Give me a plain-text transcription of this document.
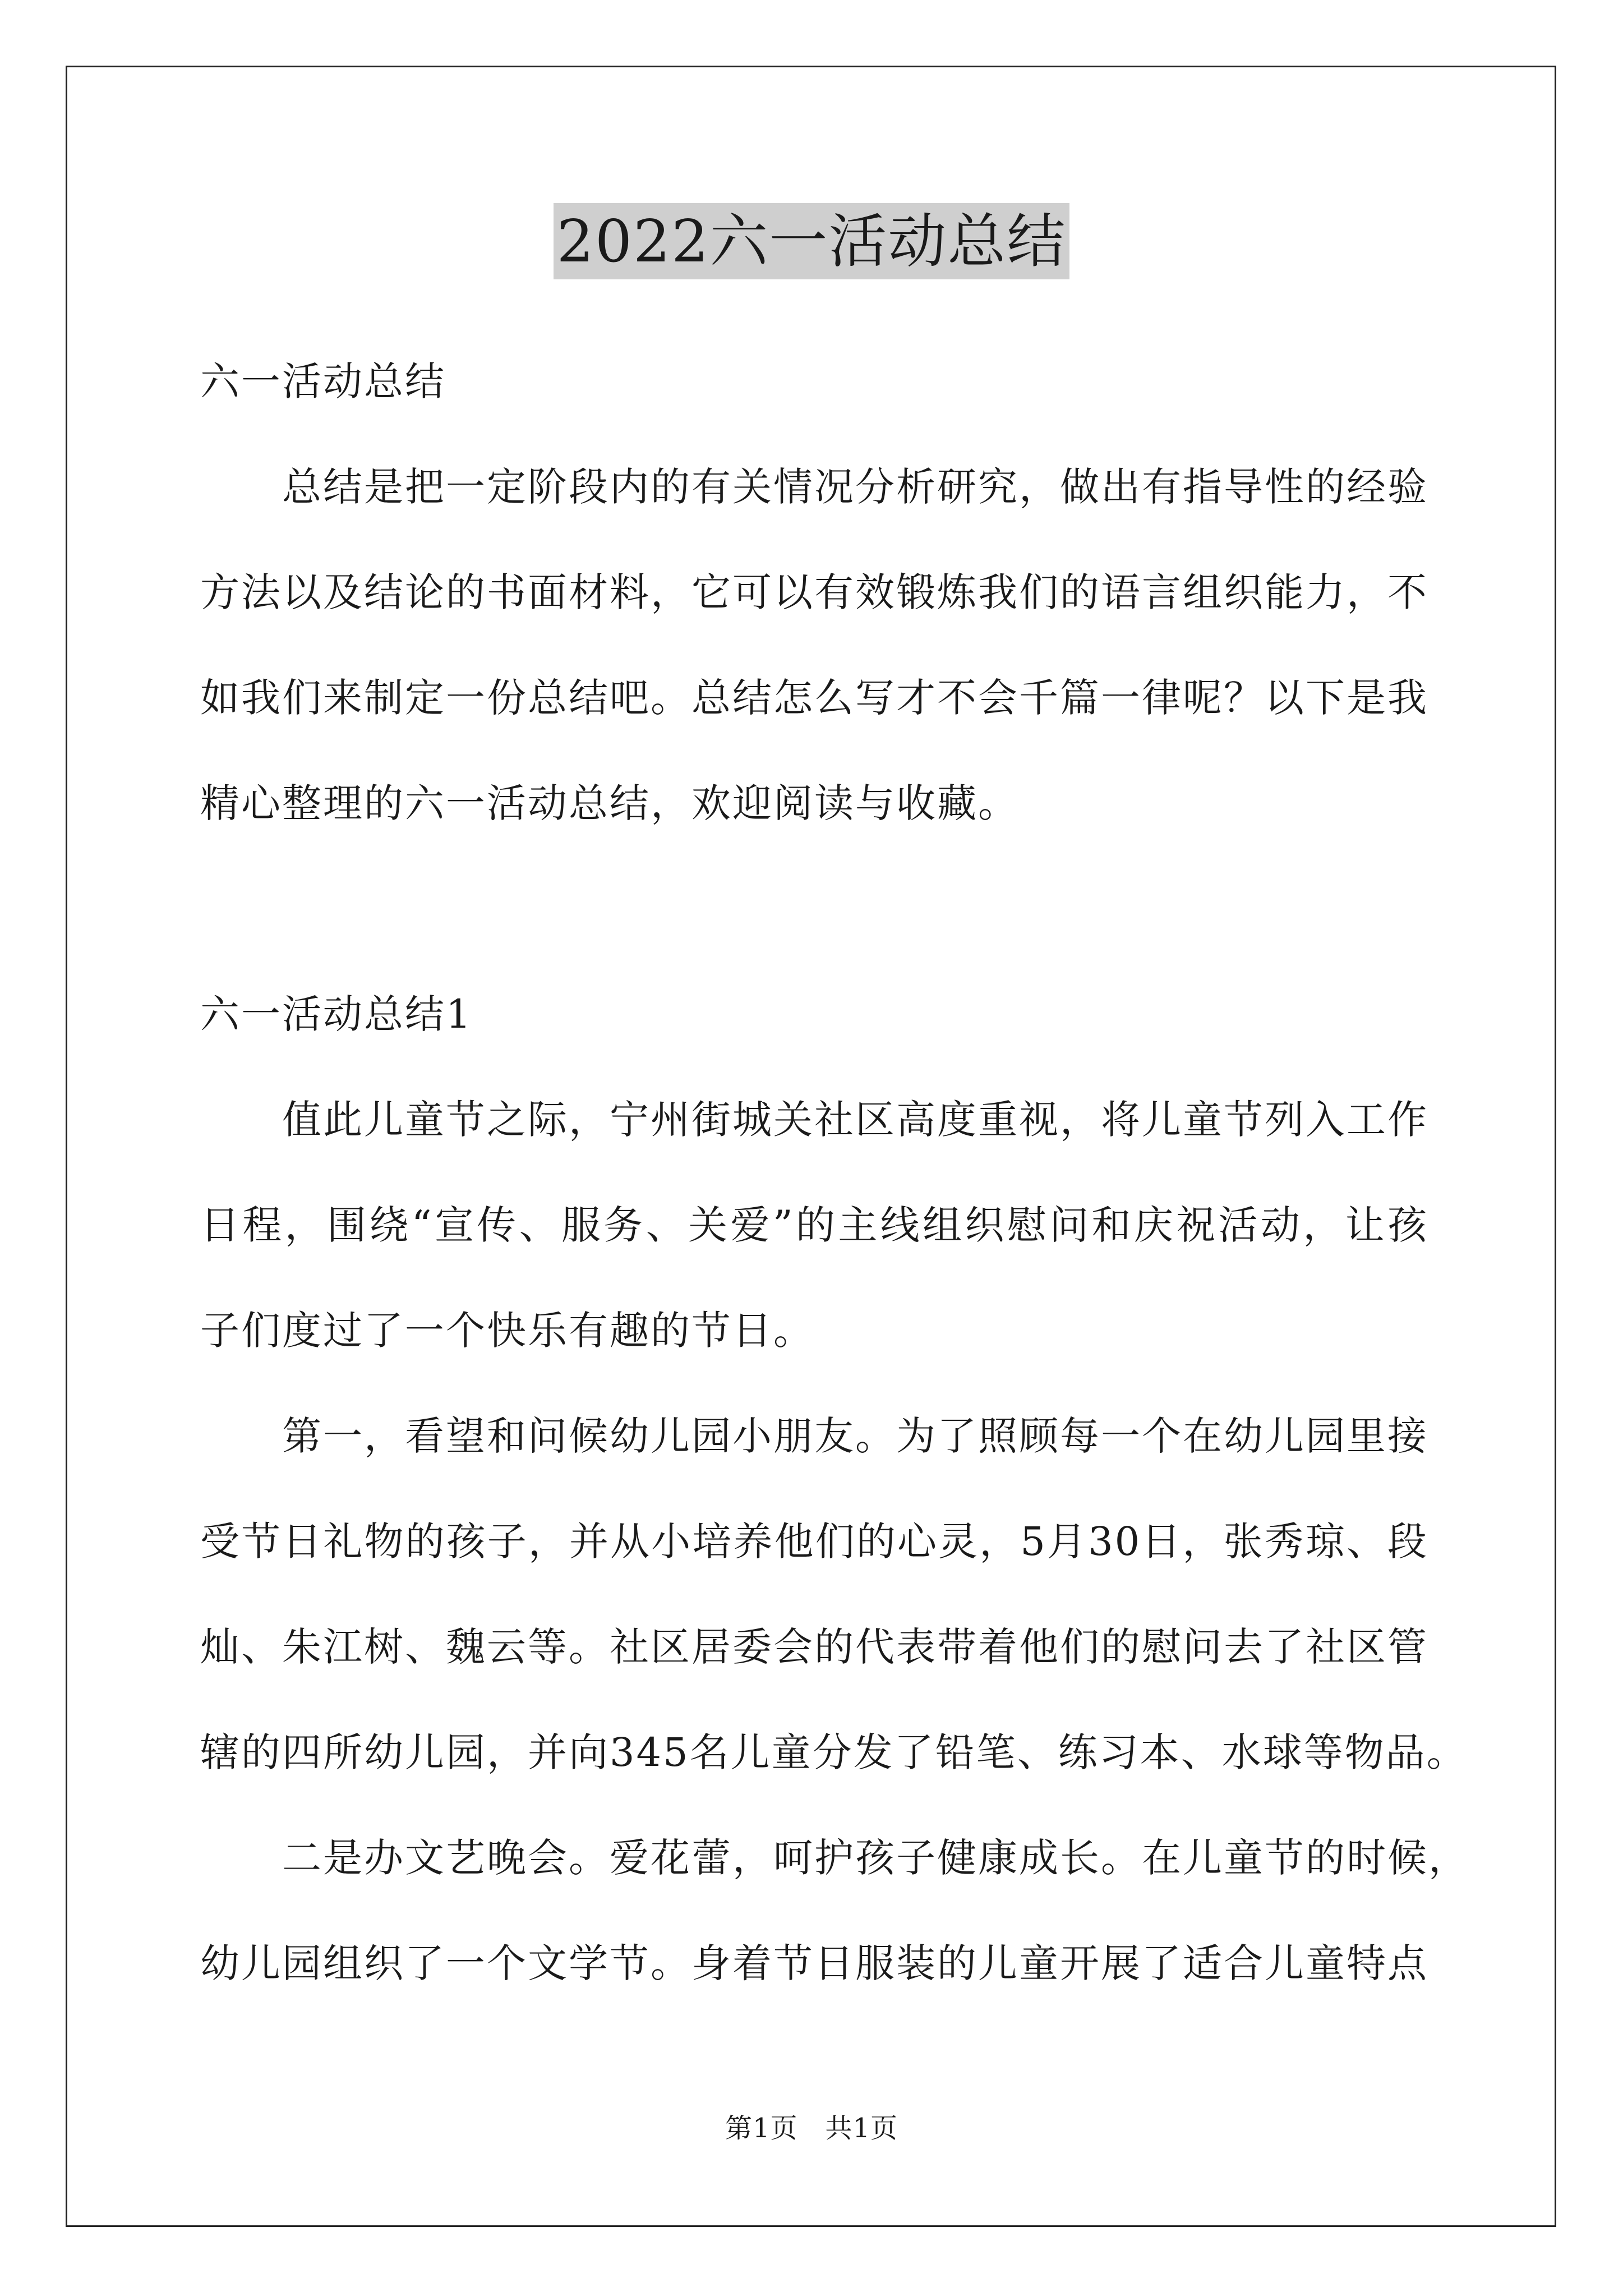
2022六一活动总结
六一活动总结
总结是把一定阶段内的有关情况分析研究，做出有指导性的经验
方法以及结论的书面材料，它可以有效锻炼我们的语言组织能力，不
如我们来制定一份总结吧。总结怎么写才不会千篇一律呢？以下是我
精心整理的六一活动总结，欢迎阅读与收藏。
六一活动总结1
值此儿童节之际，宁州街城关社区高度重视，将儿童节列入工作
日程，围绕“宣传、服务、关爱”的主线组织慰问和庆祝活动，让孩
子们度过了一个快乐有趣的节日。
第一，看望和问候幼儿园小朋友。为了照顾每一个在幼儿园里接
受节日礼物的孩子，并从小培养他们的心灵，5月30日，张秀琼、段
灿、朱江树、魏云等。社区居委会的代表带着他们的慰问去了社区管
辖的四所幼儿园，并向345名儿童分发了铅笔、练习本、水球等物品。
二是办文艺晚会。爱花蕾，呵护孩子健康成长。在儿童节的时候，
幼儿园组织了一个文学节。身着节日服装的儿童开展了适合儿童特点
第1页　共1页
